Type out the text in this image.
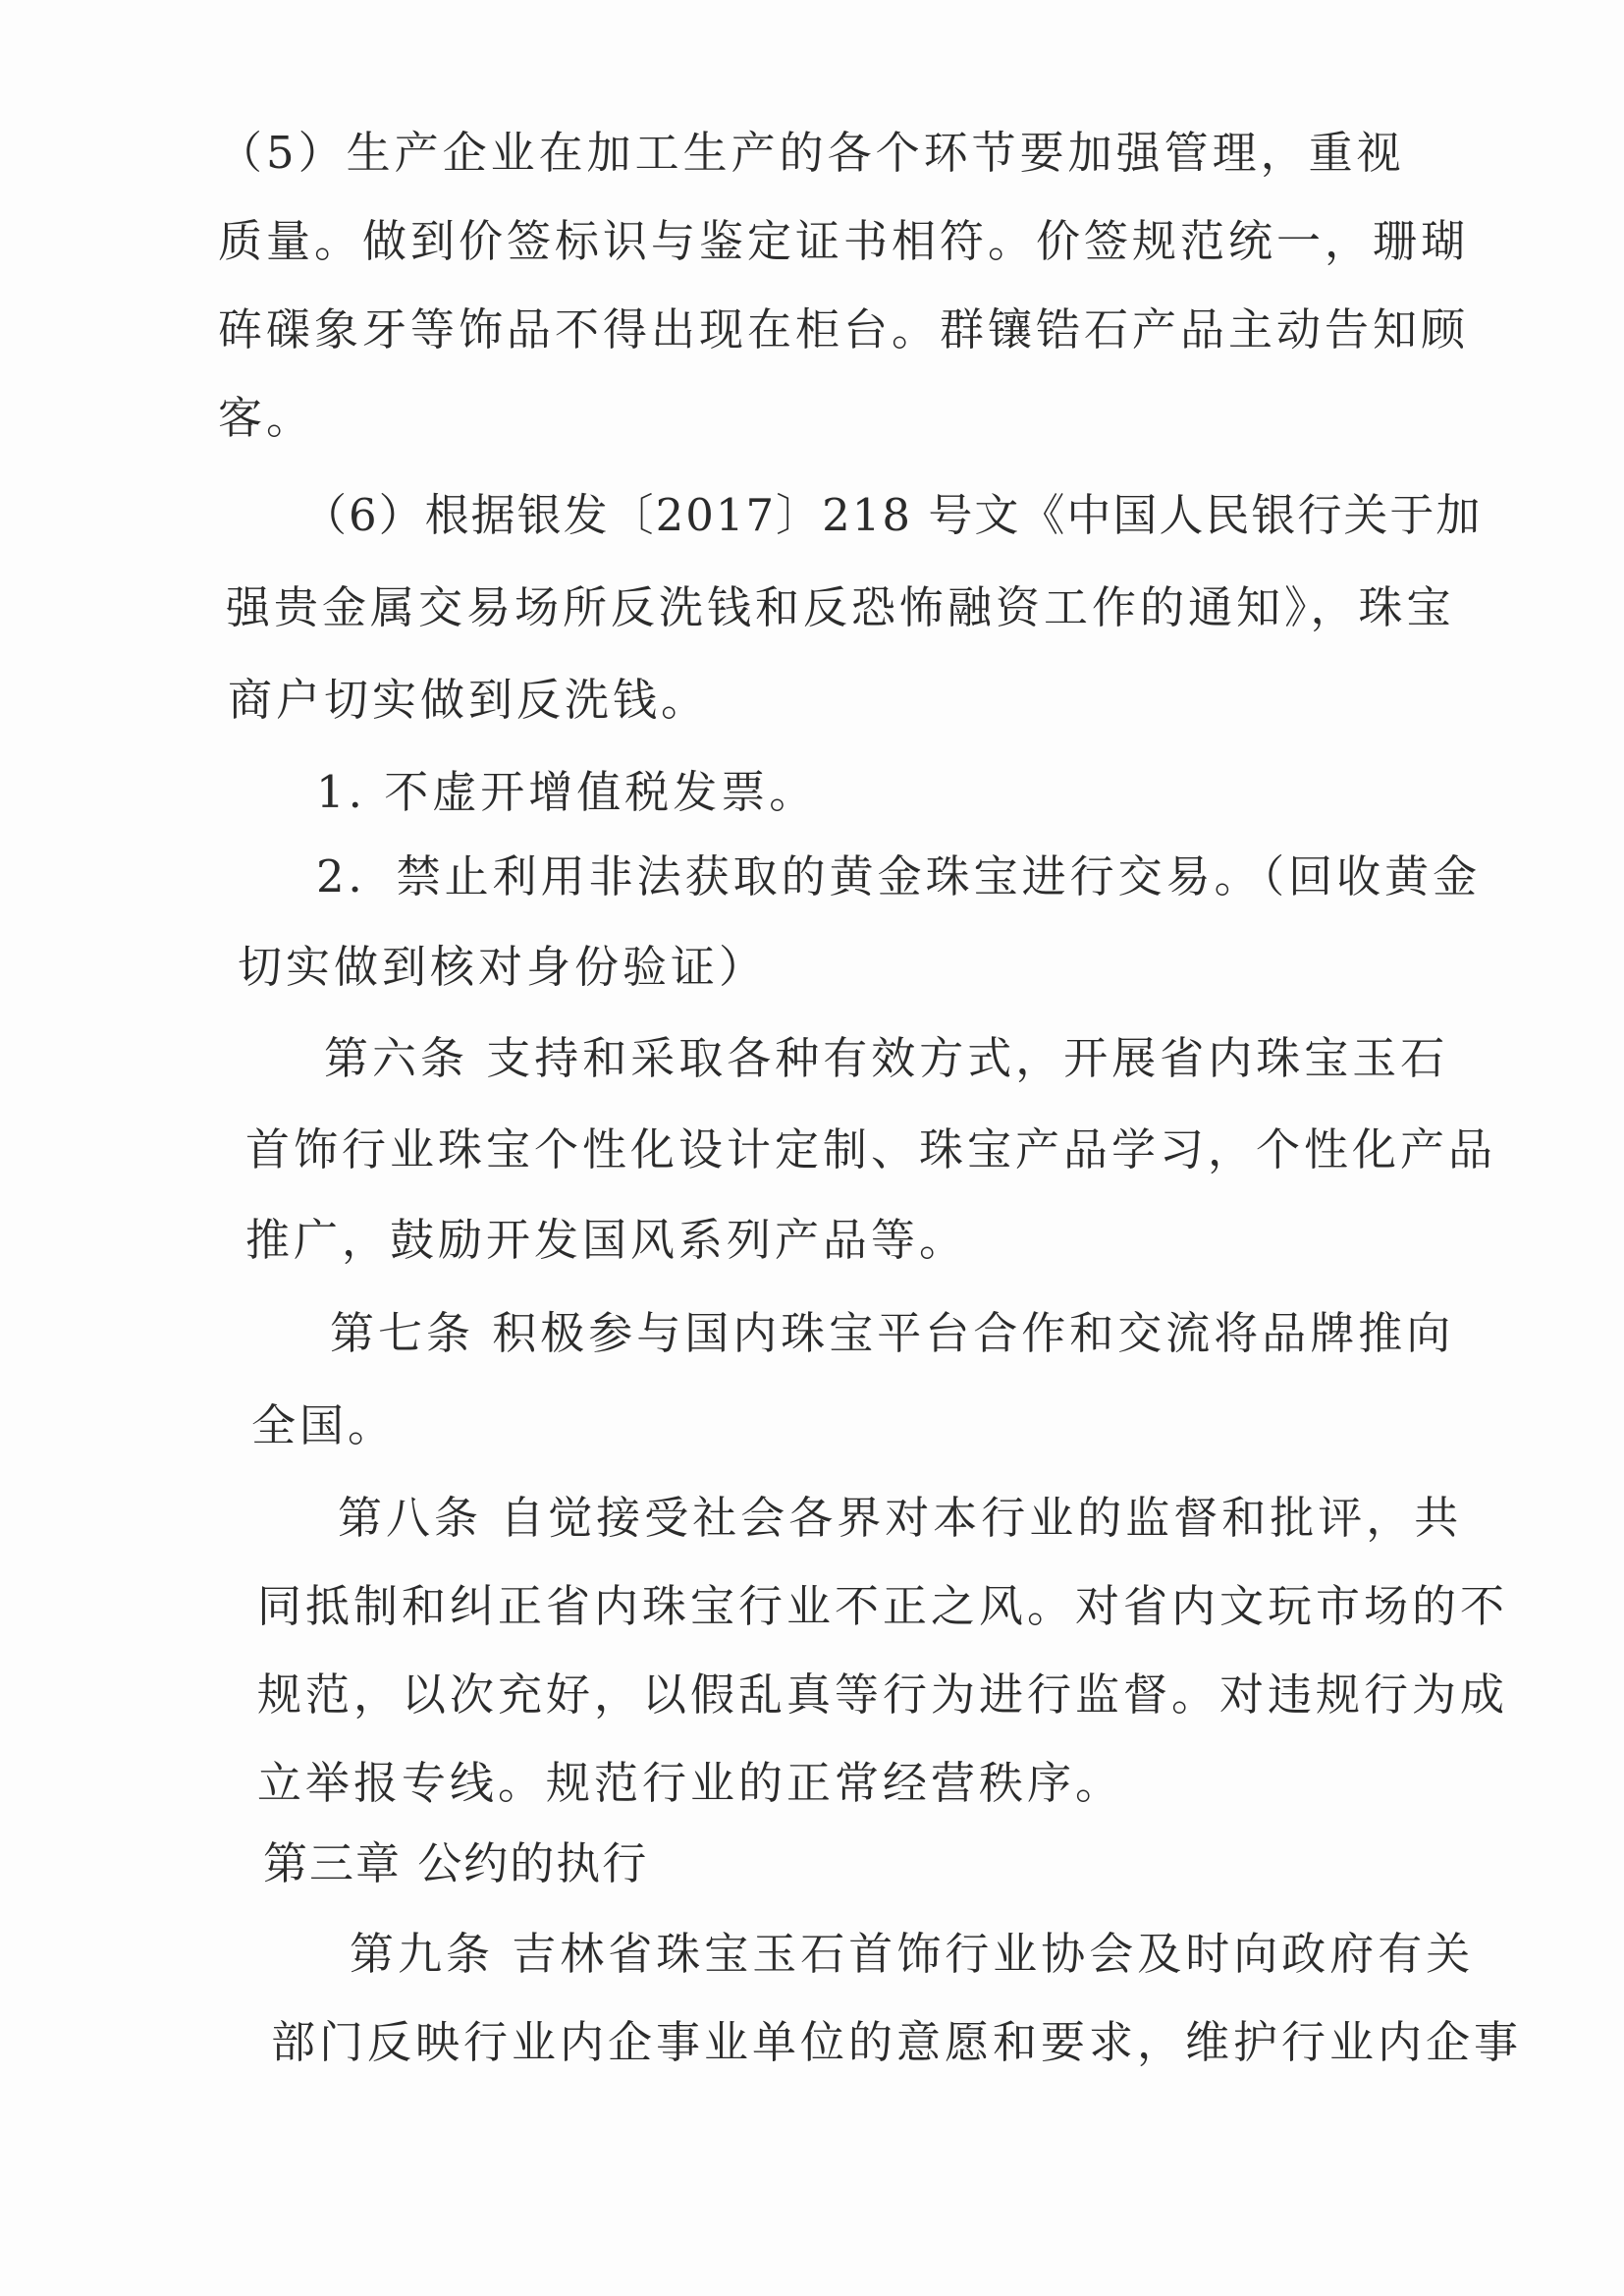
（5）生产企业在加工生产的各个环节要加强管理，重视
质量。做到价签标识与鉴定证书相符。价签规范统一，珊瑚
砗磲象牙等饰品不得出现在柜台。群镶锆石产品主动告知顾
客。
（6）根据银发〔2017〕218 号文《中国人民银行关于加
强贵金属交易场所反洗钱和反恐怖融资工作的通知》，珠宝
商户切实做到反洗钱。
1. 不虚开增值税发票。
2．禁止利用非法获取的黄金珠宝进行交易。（回收黄金
切实做到核对身份验证）
第六条 支持和采取各种有效方式，开展省内珠宝玉石
首饰行业珠宝个性化设计定制、珠宝产品学习，个性化产品
推广，鼓励开发国风系列产品等。
第七条 积极参与国内珠宝平台合作和交流将品牌推向
全国。
第八条 自觉接受社会各界对本行业的监督和批评，共
同抵制和纠正省内珠宝行业不正之风。对省内文玩市场的不
规范，以次充好，以假乱真等行为进行监督。对违规行为成
立举报专线。规范行业的正常经营秩序。
第三章 公约的执行
第九条 吉林省珠宝玉石首饰行业协会及时向政府有关
部门反映行业内企事业单位的意愿和要求，维护行业内企事
